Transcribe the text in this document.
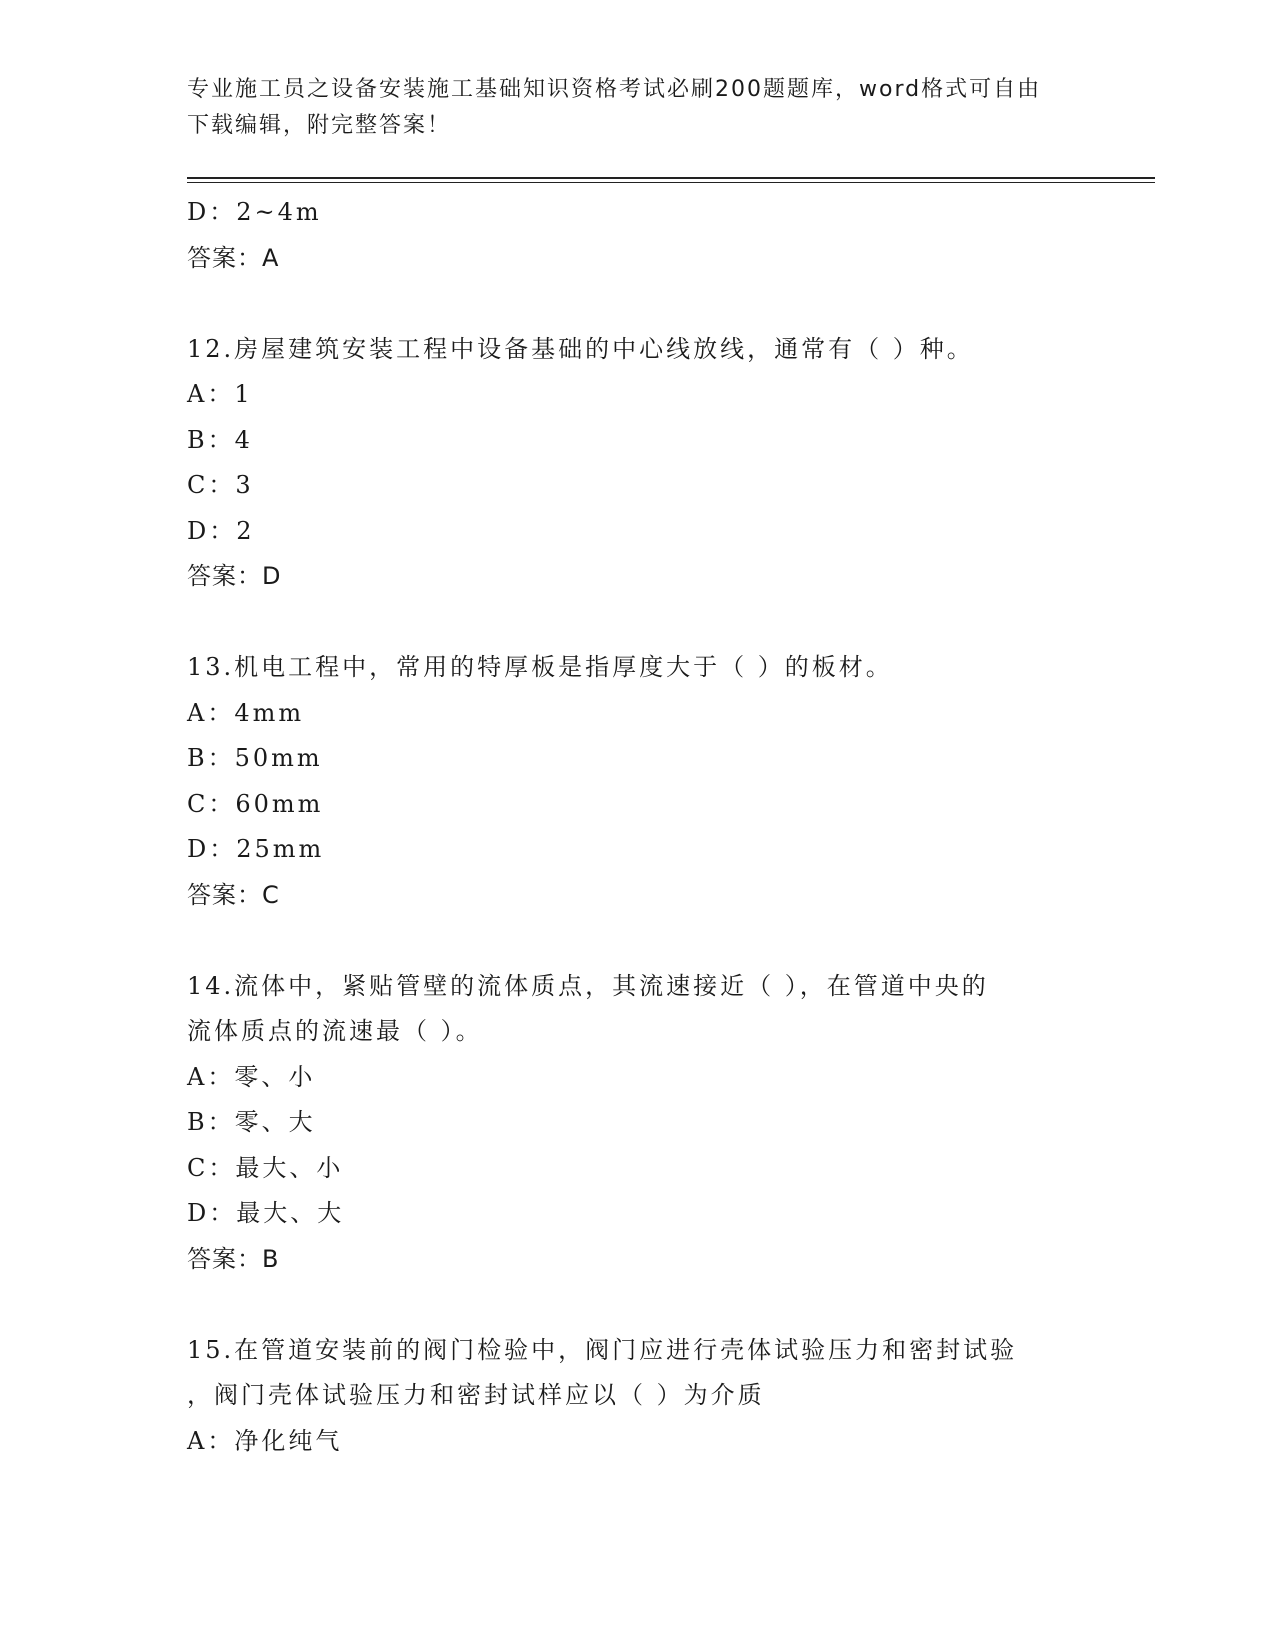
专业施工员之设备安装施工基础知识资格考试必刷200题题库，word格式可自由
下载编辑，附完整答案！
D：2~4m
答案：A
12.房屋建筑安装工程中设备基础的中心线放线，通常有（ ）种。
A：1
B：4
C：3
D：2
答案：D
13.机电工程中，常用的特厚板是指厚度大于（ ）的板材。
A：4mm
B：50mm
C：60mm
D：25mm
答案：C
14.流体中，紧贴管壁的流体质点，其流速接近（ ），在管道中央的
流体质点的流速最（ ）。
A：零、小
B：零、大
C：最大、小
D：最大、大
答案：B
15.在管道安装前的阀门检验中，阀门应进行壳体试验压力和密封试验
，阀门壳体试验压力和密封试样应以（ ）为介质
A：净化纯气
